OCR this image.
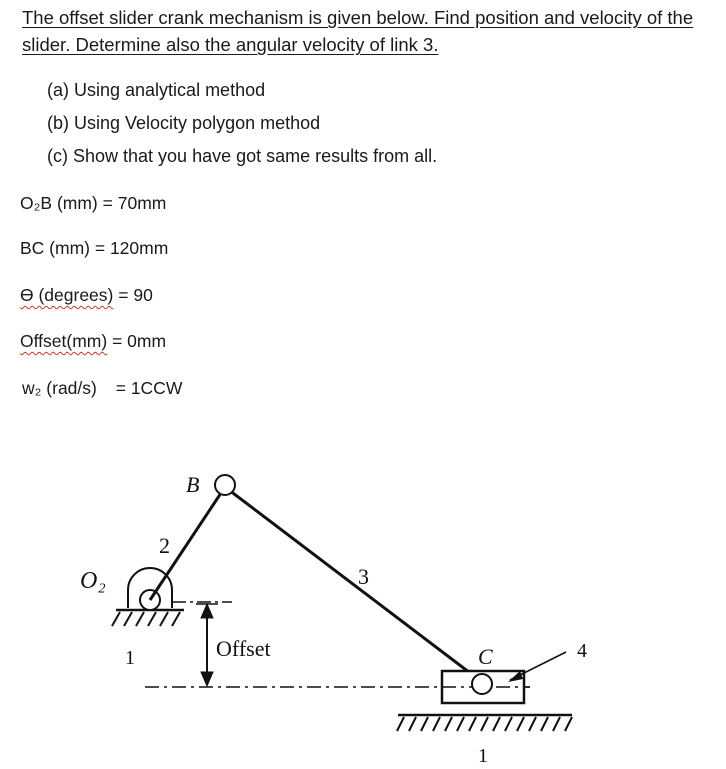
The offset slider crank mechanism is given below. Find position and velocity of the slider. Determine also the angular velocity of link 3.
(a) Using analytical method
(b) Using Velocity polygon method
(c) Show that you have got same results from all.
O₂B (mm) = 70mm
BC (mm) = 120mm
ϴ (degrees) = 90
Offset(mm) = 0mm
w₂ (rad/s) = 1CCW
O₂
B
2
3
1	Offset	C	4
1
